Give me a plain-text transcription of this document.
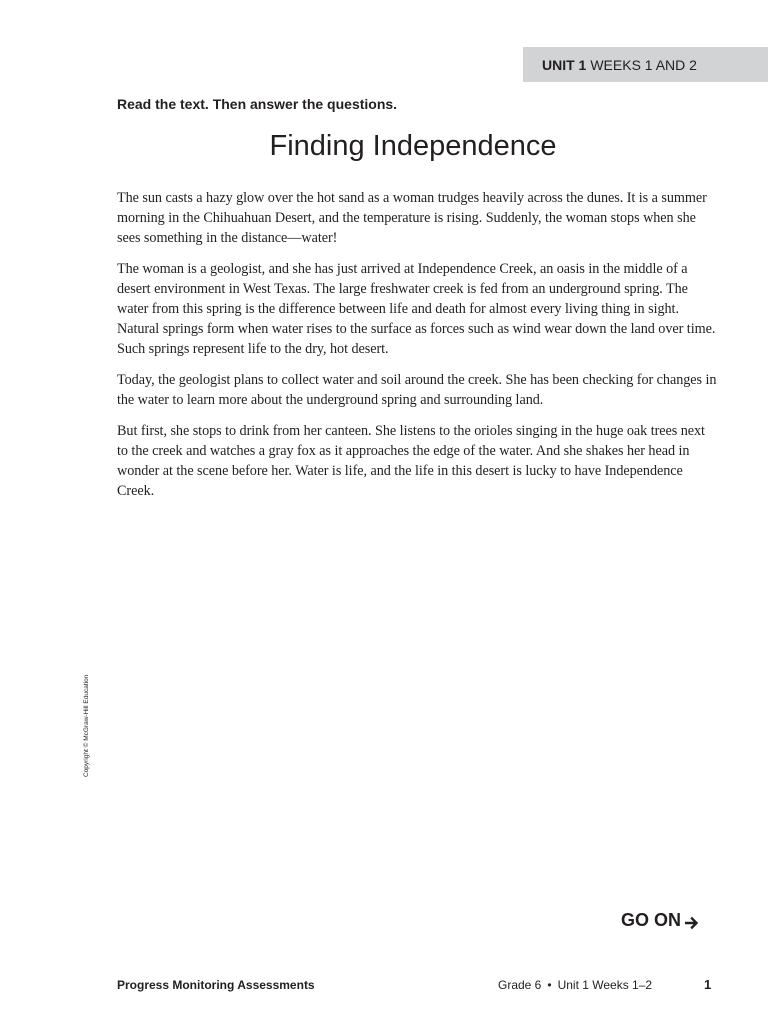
UNIT 1 WEEKS 1 AND 2
Read the text. Then answer the questions.
Finding Independence

The sun casts a hazy glow over the hot sand as a woman trudges heavily across the dunes. It is a summer morning in the Chihuahuan Desert, and the temperature is rising. Suddenly, the woman stops when she sees something in the distance—water!

The woman is a geologist, and she has just arrived at Independence Creek, an oasis in the middle of a desert environment in West Texas. The large freshwater creek is fed from an underground spring. The water from this spring is the difference between life and death for almost every living thing in sight. Natural springs form when water rises to the surface as forces such as wind wear down the land over time. Such springs represent life to the dry, hot desert.

Today, the geologist plans to collect water and soil around the creek. She has been checking for changes in the water to learn more about the underground spring and surrounding land.

But first, she stops to drink from her canteen. She listens to the orioles singing in the huge oak trees next to the creek and watches a gray fox as it approaches the edge of the water. And she shakes her head in wonder at the scene before her. Water is life, and the life in this desert is lucky to have Independence Creek.

Copyright © McGraw-Hill Education
GO ON
Progress Monitoring Assessments	Grade 6 • Unit 1 Weeks 1–2	1
